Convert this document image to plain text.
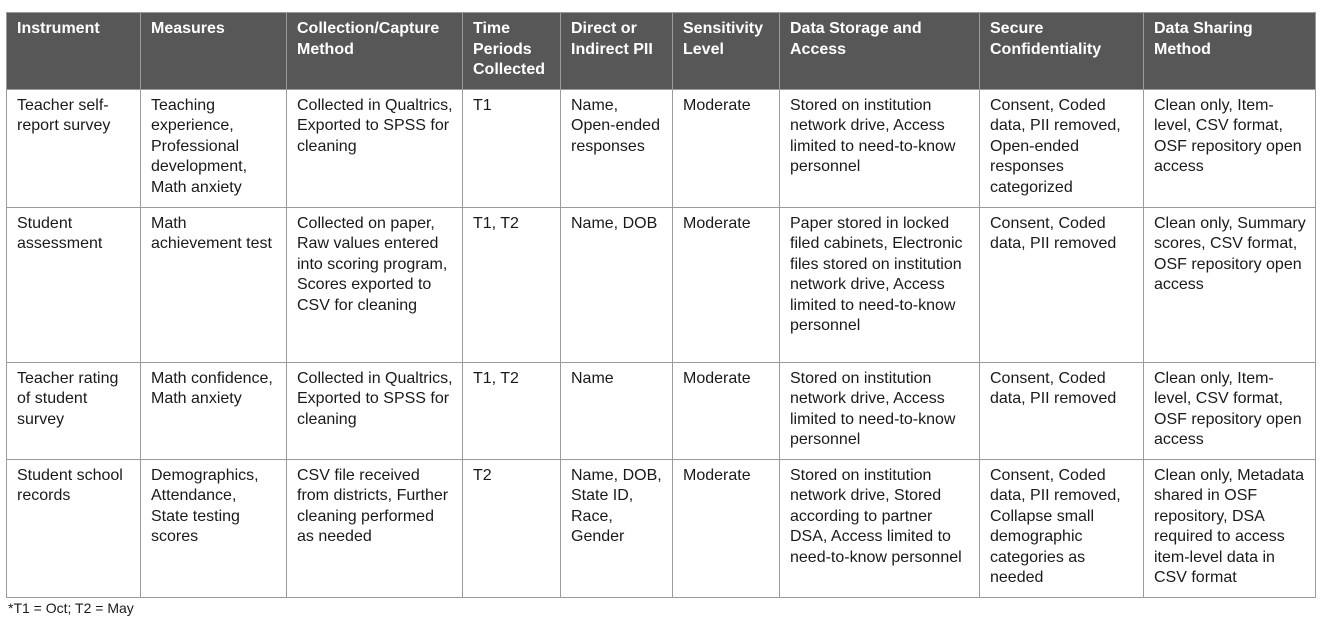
Instrument	Measures	Collection/Capture Method	Time Periods Collected	Direct or Indirect PII	Sensitivity Level	Data Storage and Access	Secure Confidentiality	Data Sharing Method
Teacher self-report survey	Teaching experience, Professional development, Math anxiety	Collected in Qualtrics, Exported to SPSS for cleaning	T1	Name, Open-ended responses	Moderate	Stored on institution network drive, Access limited to need-to-know personnel	Consent, Coded data, PII removed, Open-ended responses categorized	Clean only, Item-level, CSV format, OSF repository open access
Student assessment	Math achievement test	Collected on paper, Raw values entered into scoring program, Scores exported to CSV for cleaning	T1, T2	Name, DOB	Moderate	Paper stored in locked filed cabinets, Electronic files stored on institution network drive, Access limited to need-to-know personnel	Consent, Coded data, PII removed	Clean only, Summary scores, CSV format, OSF repository open access
Teacher rating of student survey	Math confidence, Math anxiety	Collected in Qualtrics, Exported to SPSS for cleaning	T1, T2	Name	Moderate	Stored on institution network drive, Access limited to need-to-know personnel	Consent, Coded data, PII removed	Clean only, Item-level, CSV format, OSF repository open access
Student school records	Demographics, Attendance, State testing scores	CSV file received from districts, Further cleaning performed as needed	T2	Name, DOB, State ID, Race, Gender	Moderate	Stored on institution network drive, Stored according to partner DSA, Access limited to need-to-know personnel	Consent, Coded data, PII removed, Collapse small demographic categories as needed	Clean only, Metadata shared in OSF repository, DSA required to access item-level data in CSV format
*T1 = Oct; T2 = May
